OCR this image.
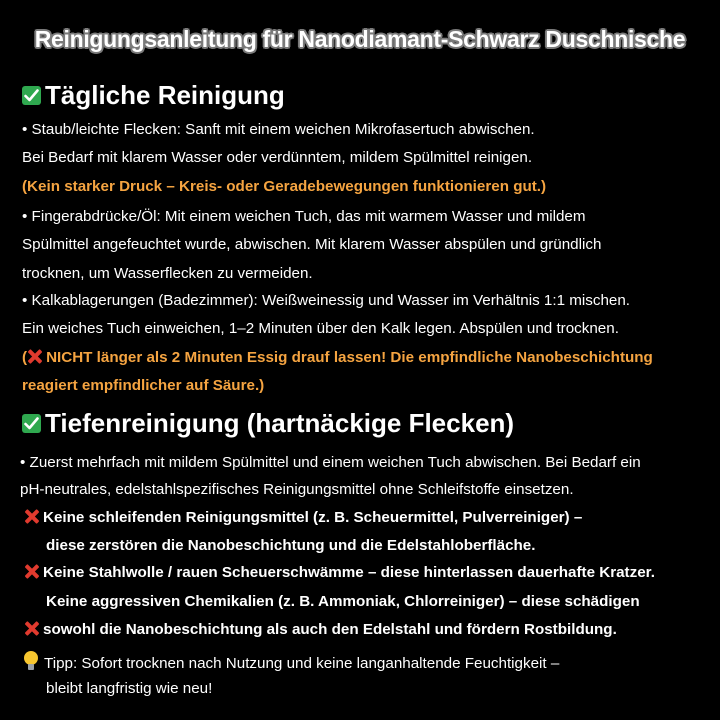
Reinigungsanleitung für Nanodiamant-Schwarz Duschnische
Tägliche Reinigung
• Staub/leichte Flecken: Sanft mit einem weichen Mikrofasertuch abwischen.
Bei Bedarf mit klarem Wasser oder verdünntem, mildem Spülmittel reinigen.
(Kein starker Druck – Kreis- oder Geradebewegungen funktionieren gut.)
• Fingerabdrücke/Öl: Mit einem weichen Tuch, das mit warmem Wasser und mildem
Spülmittel angefeuchtet wurde, abwischen. Mit klarem Wasser abspülen und gründlich
trocknen, um Wasserflecken zu vermeiden.
• Kalkablagerungen (Badezimmer): Weißweinessig und Wasser im Verhältnis 1:1 mischen.
Ein weiches Tuch einweichen, 1–2 Minuten über den Kalk legen. Abspülen und trocknen.
( NICHT länger als 2 Minuten Essig drauf lassen! Die empfindliche Nanobeschichtung
reagiert empfindlicher auf Säure.)
Tiefenreinigung (hartnäckige Flecken)
• Zuerst mehrfach mit mildem Spülmittel und einem weichen Tuch abwischen. Bei Bedarf ein
pH-neutrales, edelstahlspezifisches Reinigungsmittel ohne Schleifstoffe einsetzen.
Keine schleifenden Reinigungsmittel (z. B. Scheuermittel, Pulverreiniger) –
diese zerstören die Nanobeschichtung und die Edelstahloberfläche.
Keine Stahlwolle / rauen Scheuerschwämme – diese hinterlassen dauerhafte Kratzer.
Keine aggressiven Chemikalien (z. B. Ammoniak, Chlorreiniger) – diese schädigen
sowohl die Nanobeschichtung als auch den Edelstahl und fördern Rostbildung.
Tipp: Sofort trocknen nach Nutzung und keine langanhaltende Feuchtigkeit –
bleibt langfristig wie neu!
